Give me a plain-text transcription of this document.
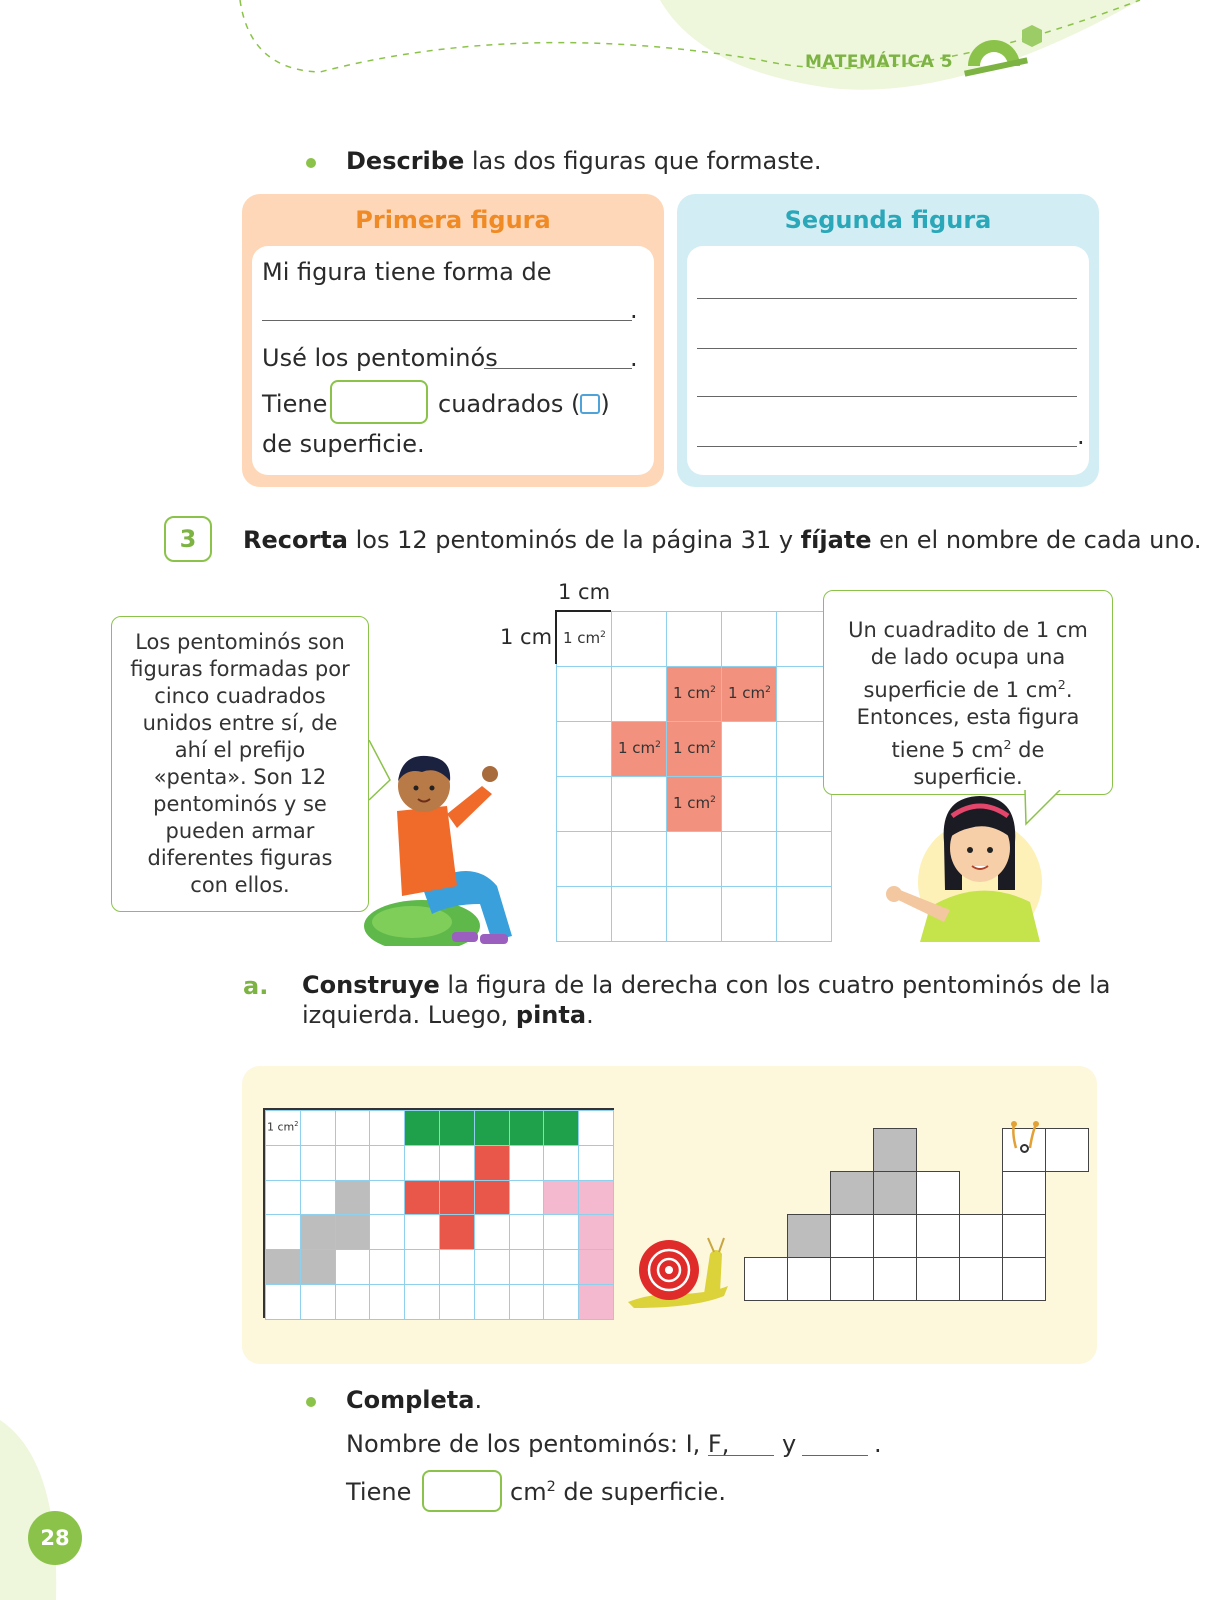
MATEMÁTICA 5
Describe las dos figuras que formaste.
Primera figura
Mi figura tiene forma de
.
Usé los pentominós	.
Tiene	cuadrados ( )
de superficie.
Segunda figura
.
3	Recorta los 12 pentominós de la página 31 y fíjate en el nombre de cada uno.
Los pentominós son figuras formadas por cinco cuadrados unidos entre sí, de ahí el prefijo «penta». Son 12 pentominós y se pueden armar diferentes figuras con ellos.
1 $cm^2$
1 $cm^2$ 1 $cm^2$
1 $cm^2$ 1 $cm^2$
1 $cm^2$
1 cm
1 cm	Un cuadradito de 1 cm
de lado ocupa una
superficie de 1 $cm^2$.
Entonces, esta figura
tiene 5 $cm^2$ de superficie.
a. Construye la figura de la derecha con los cuatro pentominós de la
izquierda. Luego, pinta.
1 $cm^2$
Completa.
Nombre de los pentominós: I, F, y	.
Tiene	$cm^2$ de superficie.
28
